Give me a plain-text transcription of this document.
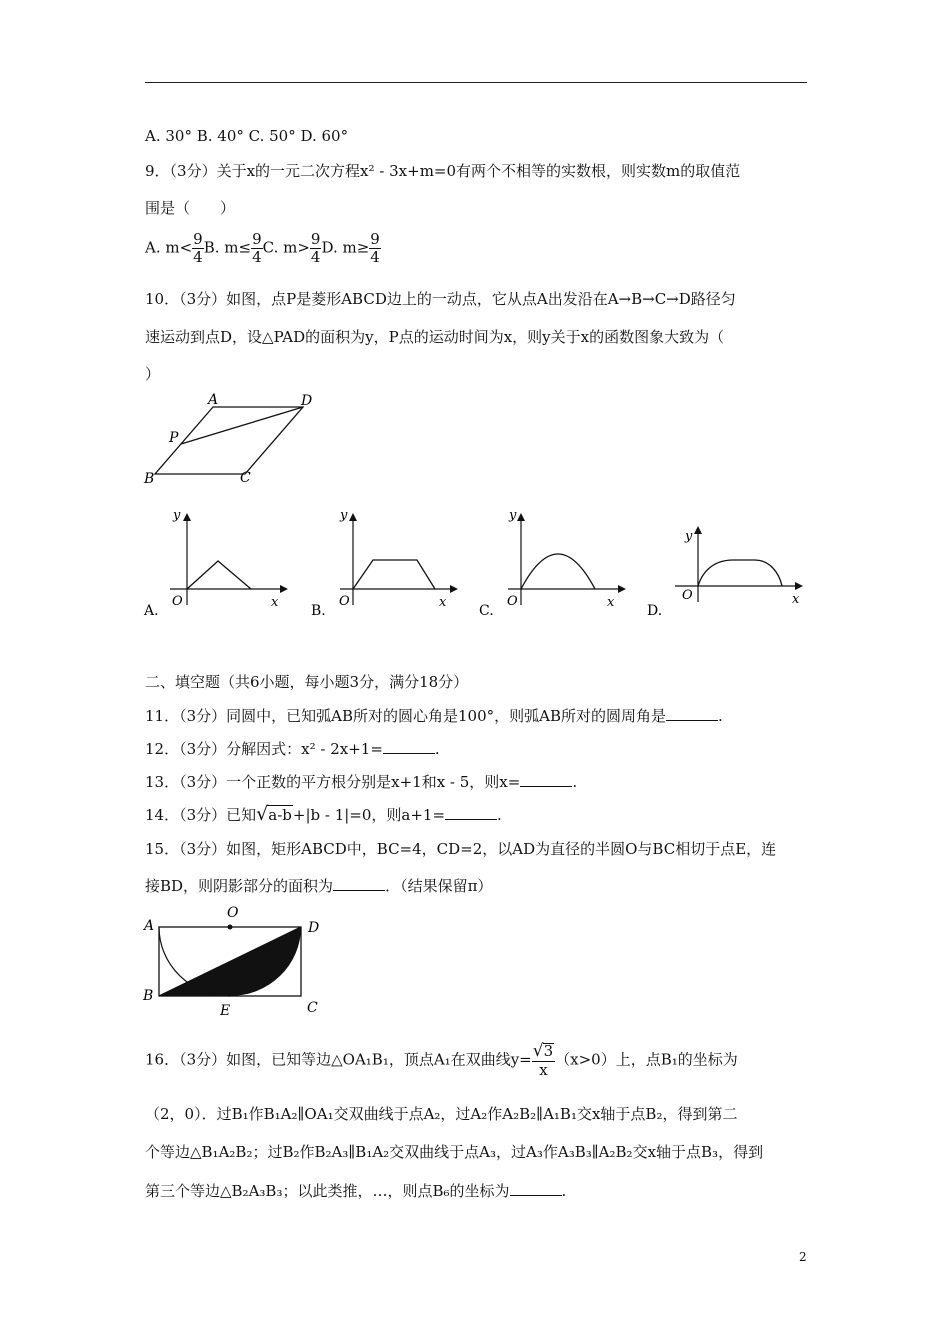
A. 30° B. 40° C. 50° D. 60°
9．（3分）关于x的一元二次方程x² - 3x+m=0有两个不相等的实数根，则实数m的取值范
围是（　　）
A. $m< \frac{9}{4} B$. $m\le \frac{9}{4} C$. $m> \frac{9}{4} D$. $m\ge \frac{9}{4}$
10．（3分）如图，点P是菱形ABCD边上的一动点，它从点A出发沿在A→B→C→D路径匀
速运动到点D，设△PAD的面积为y，P点的运动时间为x，则y关于x的函数图象大致为（
）
A	D
P
B	C
y
x
O
A.
y
x
O
B.
y
x
O
C.
y
x
O
D.
二、填空题（共6小题，每小题3分，满分18分）
11．（3分）同圆中，已知弧AB所对的圆心角是100°，则弧AB所对的圆周角是	.
12．（3分）分解因式：x² - 2x+1=	.
13．（3分）一个正数的平方根分别是x+1和x - 5，则x=	.
14．（3分）已知√a-b+|b - 1|=0，则a+1=	.
15．（3分）如图，矩形ABCD中，BC=4，CD=2，以AD为直径的半圆O与BC相切于点E，连
接BD，则阴影部分的面积为	．（结果保留π）
A
O
D
B
C
E
16．（3分）如图，已知等边△OA₁B₁，顶点A₁在双曲线$y= \frac{√3}{x} (x>0)$上，点B₁的坐标为
（2，0）．过B₁作B₁A₂∥OA₁交双曲线于点A₂，过A₂作A₂B₂∥A₁B₁交x轴于点B₂，得到第二
个等边△B₁A₂B₂；过B₂作B₂A₃∥B₁A₂交双曲线于点A₃，过A₃作A₃B₃∥A₂B₂交x轴于点B₃，得到
第三个等边△B₂A₃B₃；以此类推，…，则点B₆的坐标为	.
2
